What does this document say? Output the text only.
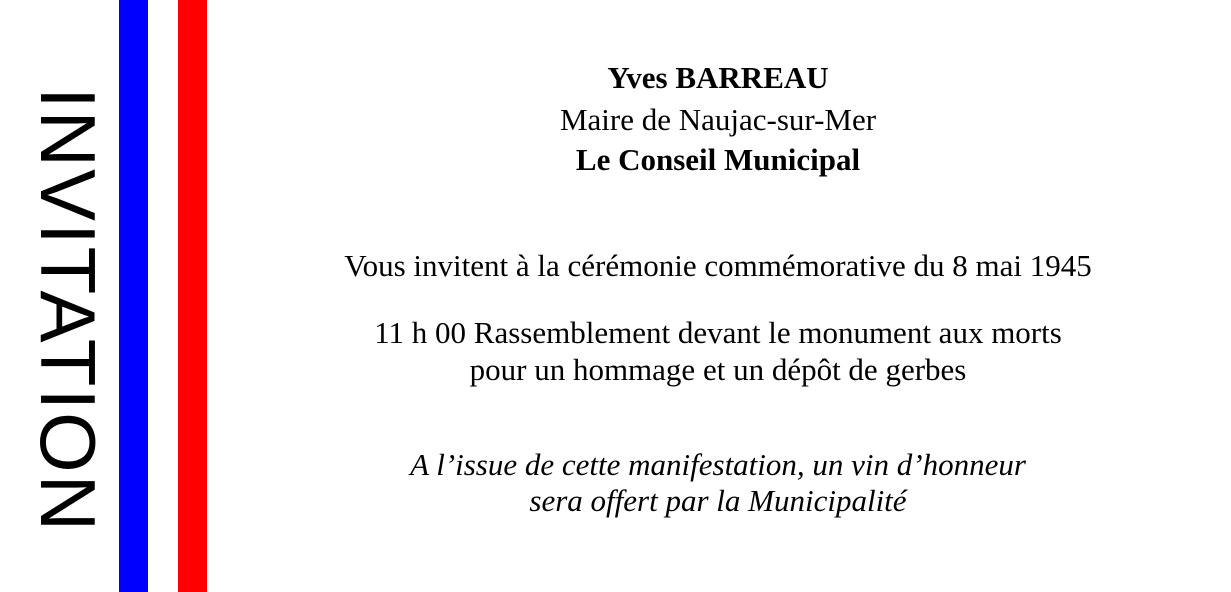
INVITATION
Yves BARREAU
Maire de Naujac-sur-Mer
Le Conseil Municipal
Vous invitent à la cérémonie commémorative du 8 mai 1945
11 h 00 Rassemblement devant le monument aux morts
pour un hommage et un dépôt de gerbes
A l’issue de cette manifestation, un vin d’honneur
sera offert par la Municipalité
